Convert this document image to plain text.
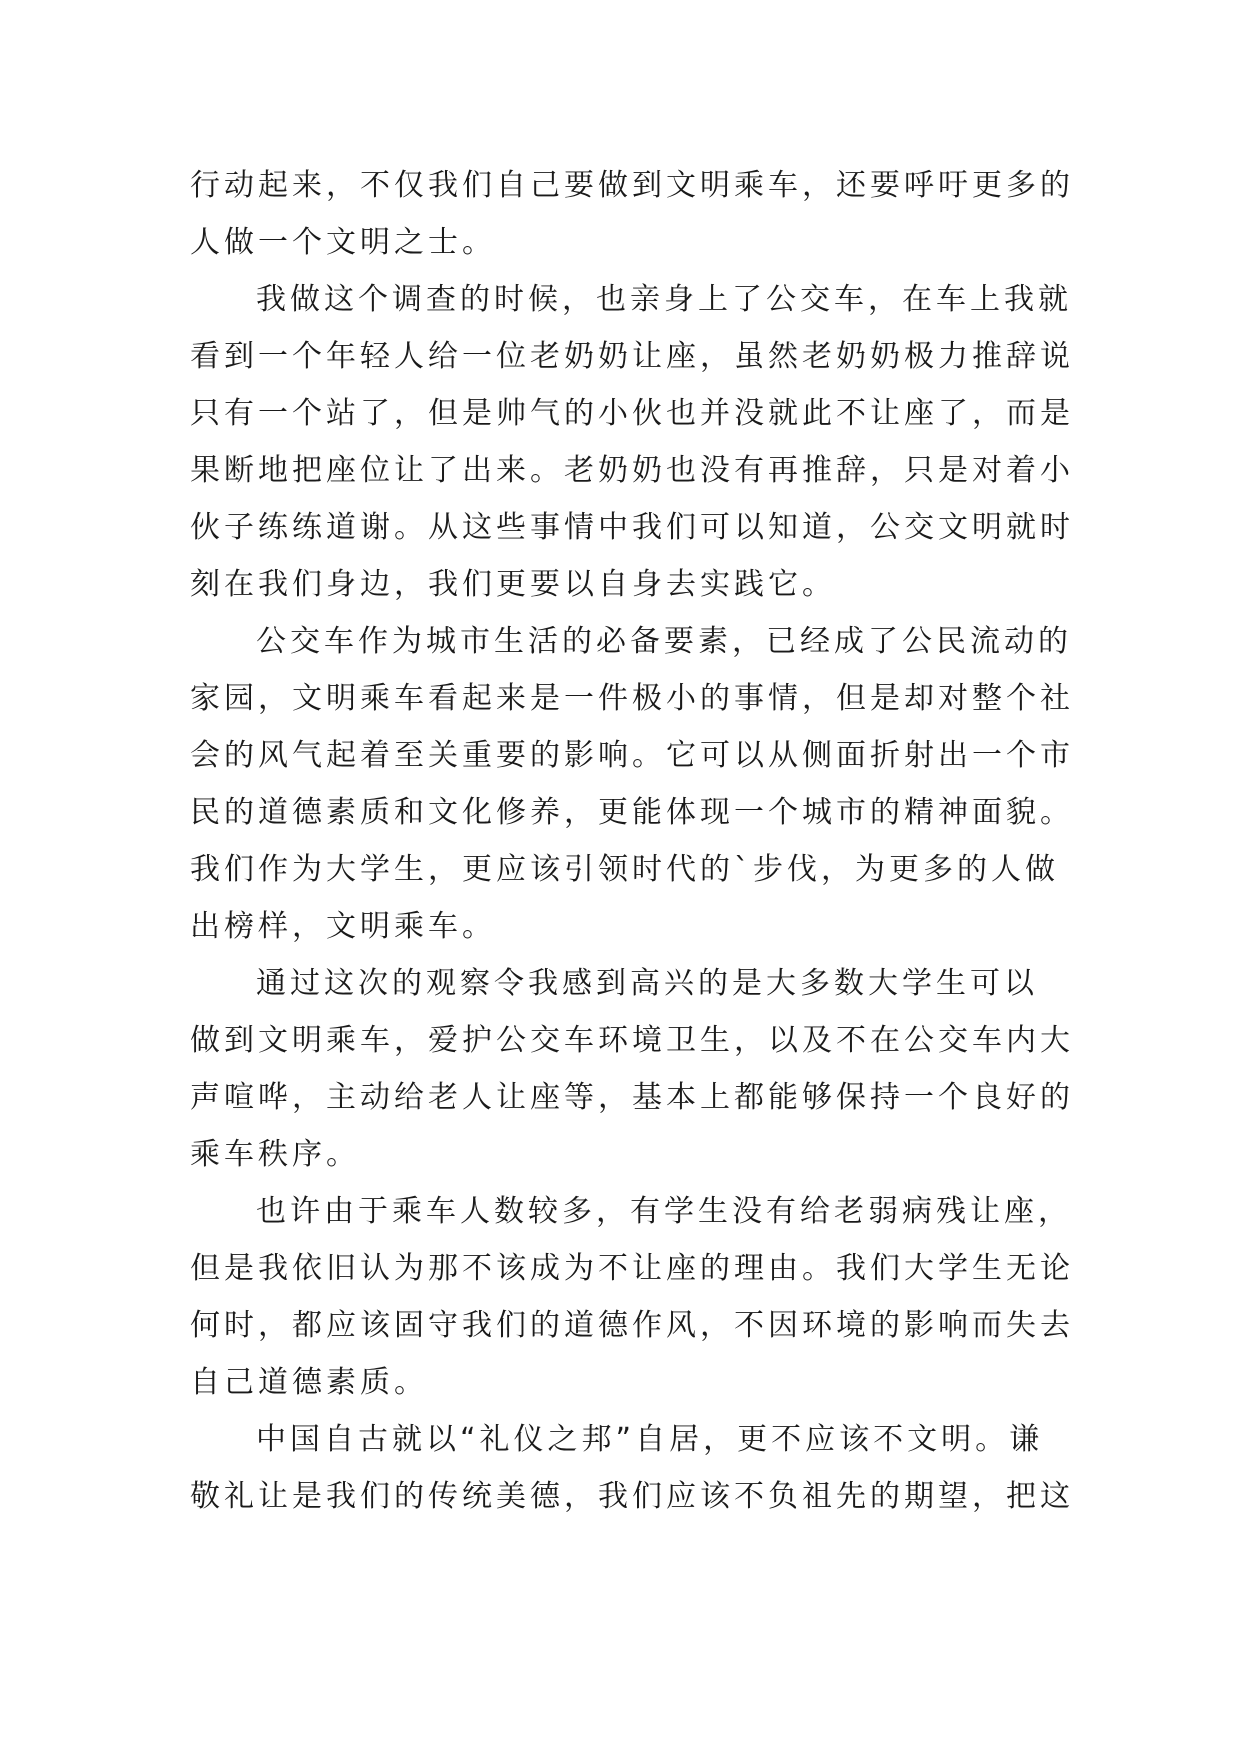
行动起来，不仅我们自己要做到文明乘车，还要呼吁更多的
人做一个文明之士。
我做这个调查的时候，也亲身上了公交车，在车上我就
看到一个年轻人给一位老奶奶让座，虽然老奶奶极力推辞说
只有一个站了，但是帅气的小伙也并没就此不让座了，而是
果断地把座位让了出来。老奶奶也没有再推辞，只是对着小
伙子练练道谢。从这些事情中我们可以知道，公交文明就时
刻在我们身边，我们更要以自身去实践它。
公交车作为城市生活的必备要素，已经成了公民流动的
家园，文明乘车看起来是一件极小的事情，但是却对整个社
会的风气起着至关重要的影响。它可以从侧面折射出一个市
民的道德素质和文化修养，更能体现一个城市的精神面貌。
我们作为大学生，更应该引领时代的`步伐，为更多的人做
出榜样，文明乘车。
通过这次的观察令我感到高兴的是大多数大学生可以
做到文明乘车，爱护公交车环境卫生，以及不在公交车内大
声喧哗，主动给老人让座等，基本上都能够保持一个良好的
乘车秩序。
也许由于乘车人数较多，有学生没有给老弱病残让座，
但是我依旧认为那不该成为不让座的理由。我们大学生无论
何时，都应该固守我们的道德作风，不因环境的影响而失去
自己道德素质。
中国自古就以“礼仪之邦”自居，更不应该不文明。谦
敬礼让是我们的传统美德，我们应该不负祖先的期望，把这
